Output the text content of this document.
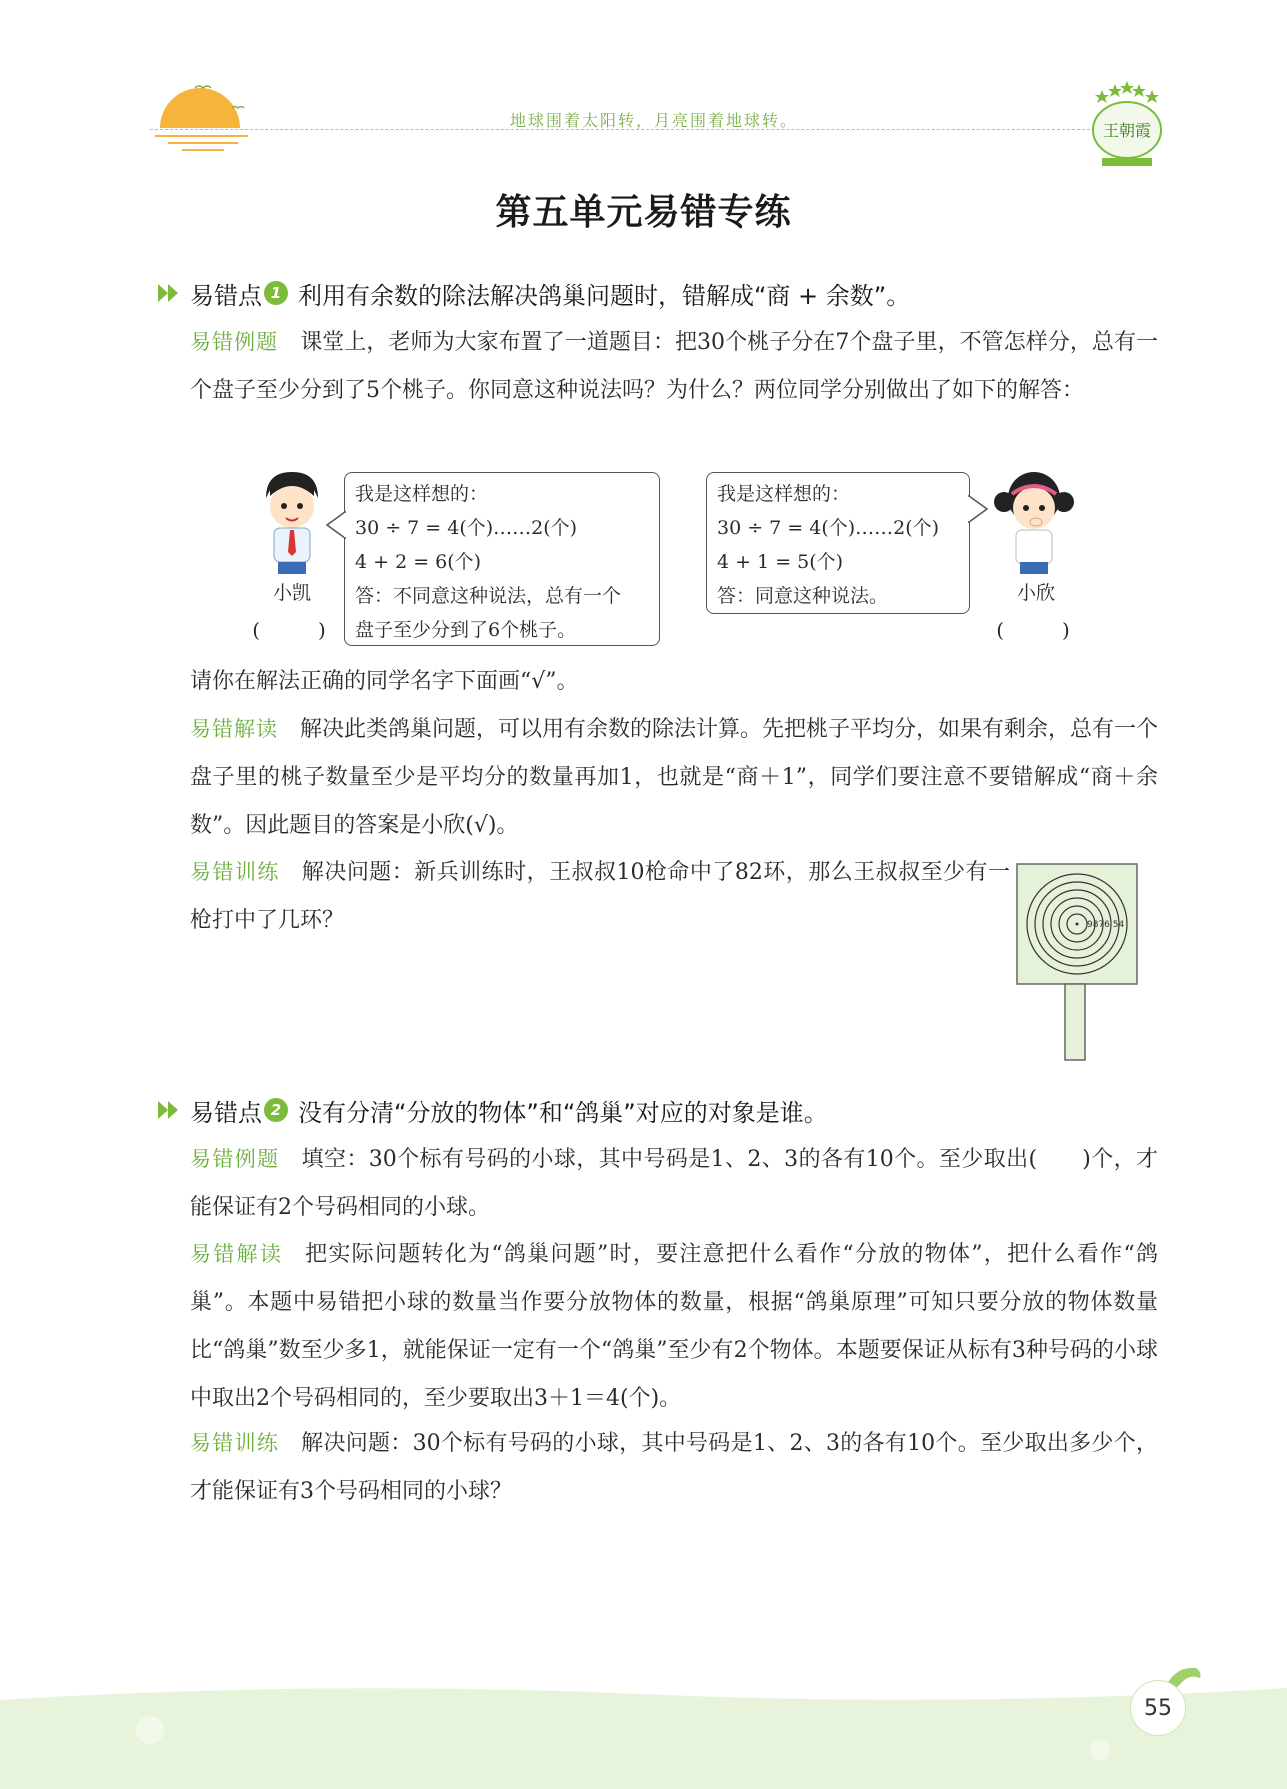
地球围着太阳转，月亮围着地球转。
王朝霞
第五单元易错专练
易错点 1 利用有余数的除法解决鸽巢问题时，错解成“商 + 余数”。
易错例题 课堂上，老师为大家布置了一道题目：把30个桃子分在7个盘子里，不管怎样分，总有一个盘子至少分到了5个桃子。你同意这种说法吗？为什么？两位同学分别做出了如下的解答：
小凯
(　　)
我是这样想的：
30 ÷ 7 = 4(个)……2(个)
4 + 2 = 6(个)
答：不同意这种说法，总有一个
盘子至少分到了6个桃子。
我是这样想的：
30 ÷ 7 = 4(个)……2(个)
4 + 1 = 5(个)
答：同意这种说法。	小欣
(　　)
请你在解法正确的同学名字下面画“√”。
易错解读 解决此类鸽巢问题，可以用有余数的除法计算。先把桃子平均分，如果有剩余，总有一个盘子里的桃子数量至少是平均分的数量再加1，也就是“商＋1”，同学们要注意不要错解成“商＋余数”。因此题目的答案是小欣(√)。
易错训练 解决问题：新兵训练时，王叔叔10枪命中了82环，那么王叔叔至少有一枪打中了几环？	9876 54
易错点 2 没有分清“分放的物体”和“鸽巢”对应的对象是谁。
易错例题 填空：30个标有号码的小球，其中号码是1、2、3的各有10个。至少取出(　　)个，才能保证有2个号码相同的小球。
易错解读 把实际问题转化为“鸽巢问题”时，要注意把什么看作“分放的物体”，把什么看作“鸽巢”。本题中易错把小球的数量当作要分放物体的数量，根据“鸽巢原理”可知只要分放的物体数量比“鸽巢”数至少多1，就能保证一定有一个“鸽巢”至少有2个物体。本题要保证从标有3种号码的小球中取出2个号码相同的，至少要取出3＋1＝4(个)。
易错训练 解决问题：30个标有号码的小球，其中号码是1、2、3的各有10个。至少取出多少个，才能保证有3个号码相同的小球？
55
